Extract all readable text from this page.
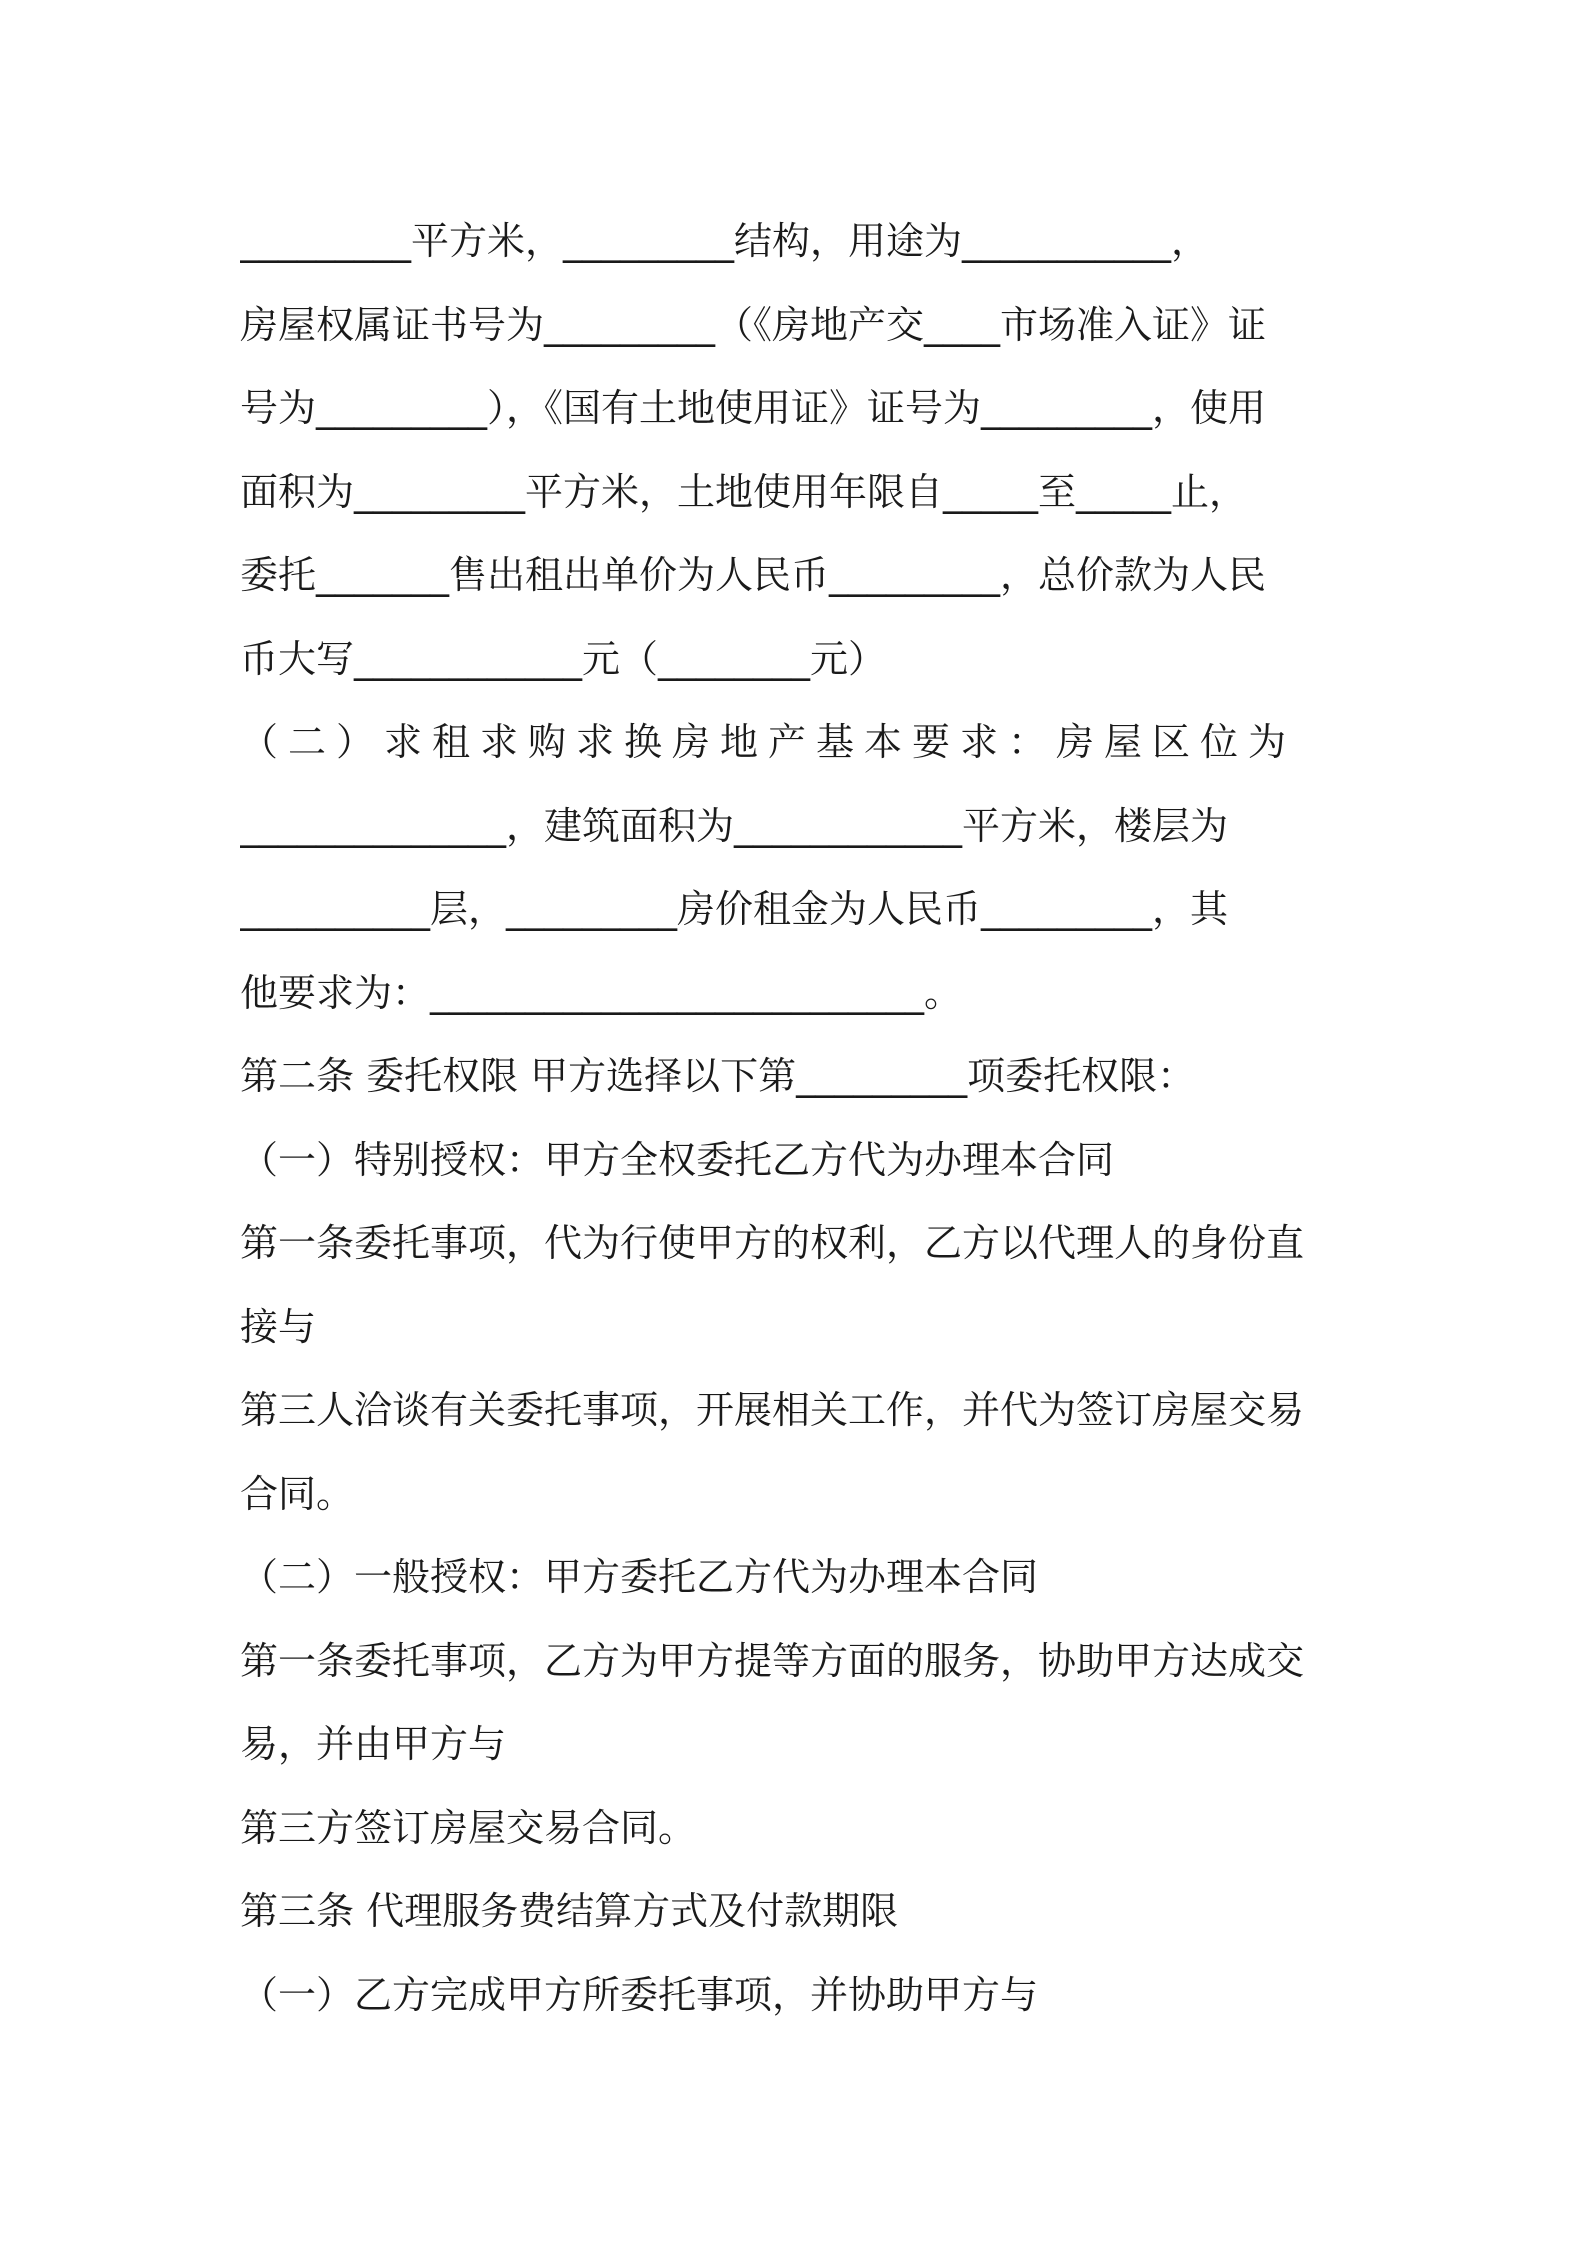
_________平方米，_________结构，用途为___________，
房屋权属证书号为_________（《房地产交____市场准入证》证
号为_________），《国有土地使用证》证号为_________，使用
面积为_________平方米，土地使用年限自_____至_____止，
委托_______售出租出单价为人民币_________，总价款为人民
币大写____________元（________元）
（二）求租求购求换房地产基本要求：房屋区位为
______________，建筑面积为____________平方米，楼层为
__________层，_________房价租金为人民币_________，其
他要求为：__________________________。
第二条 委托权限 甲方选择以下第_________项委托权限：
（一）特别授权：甲方全权委托乙方代为办理本合同
第一条委托事项，代为行使甲方的权利，乙方以代理人的身份直
接与
第三人洽谈有关委托事项，开展相关工作，并代为签订房屋交易
合同。
（二）一般授权：甲方委托乙方代为办理本合同
第一条委托事项，乙方为甲方提等方面的服务，协助甲方达成交
易，并由甲方与
第三方签订房屋交易合同。
第三条 代理服务费结算方式及付款期限
（一）乙方完成甲方所委托事项，并协助甲方与
